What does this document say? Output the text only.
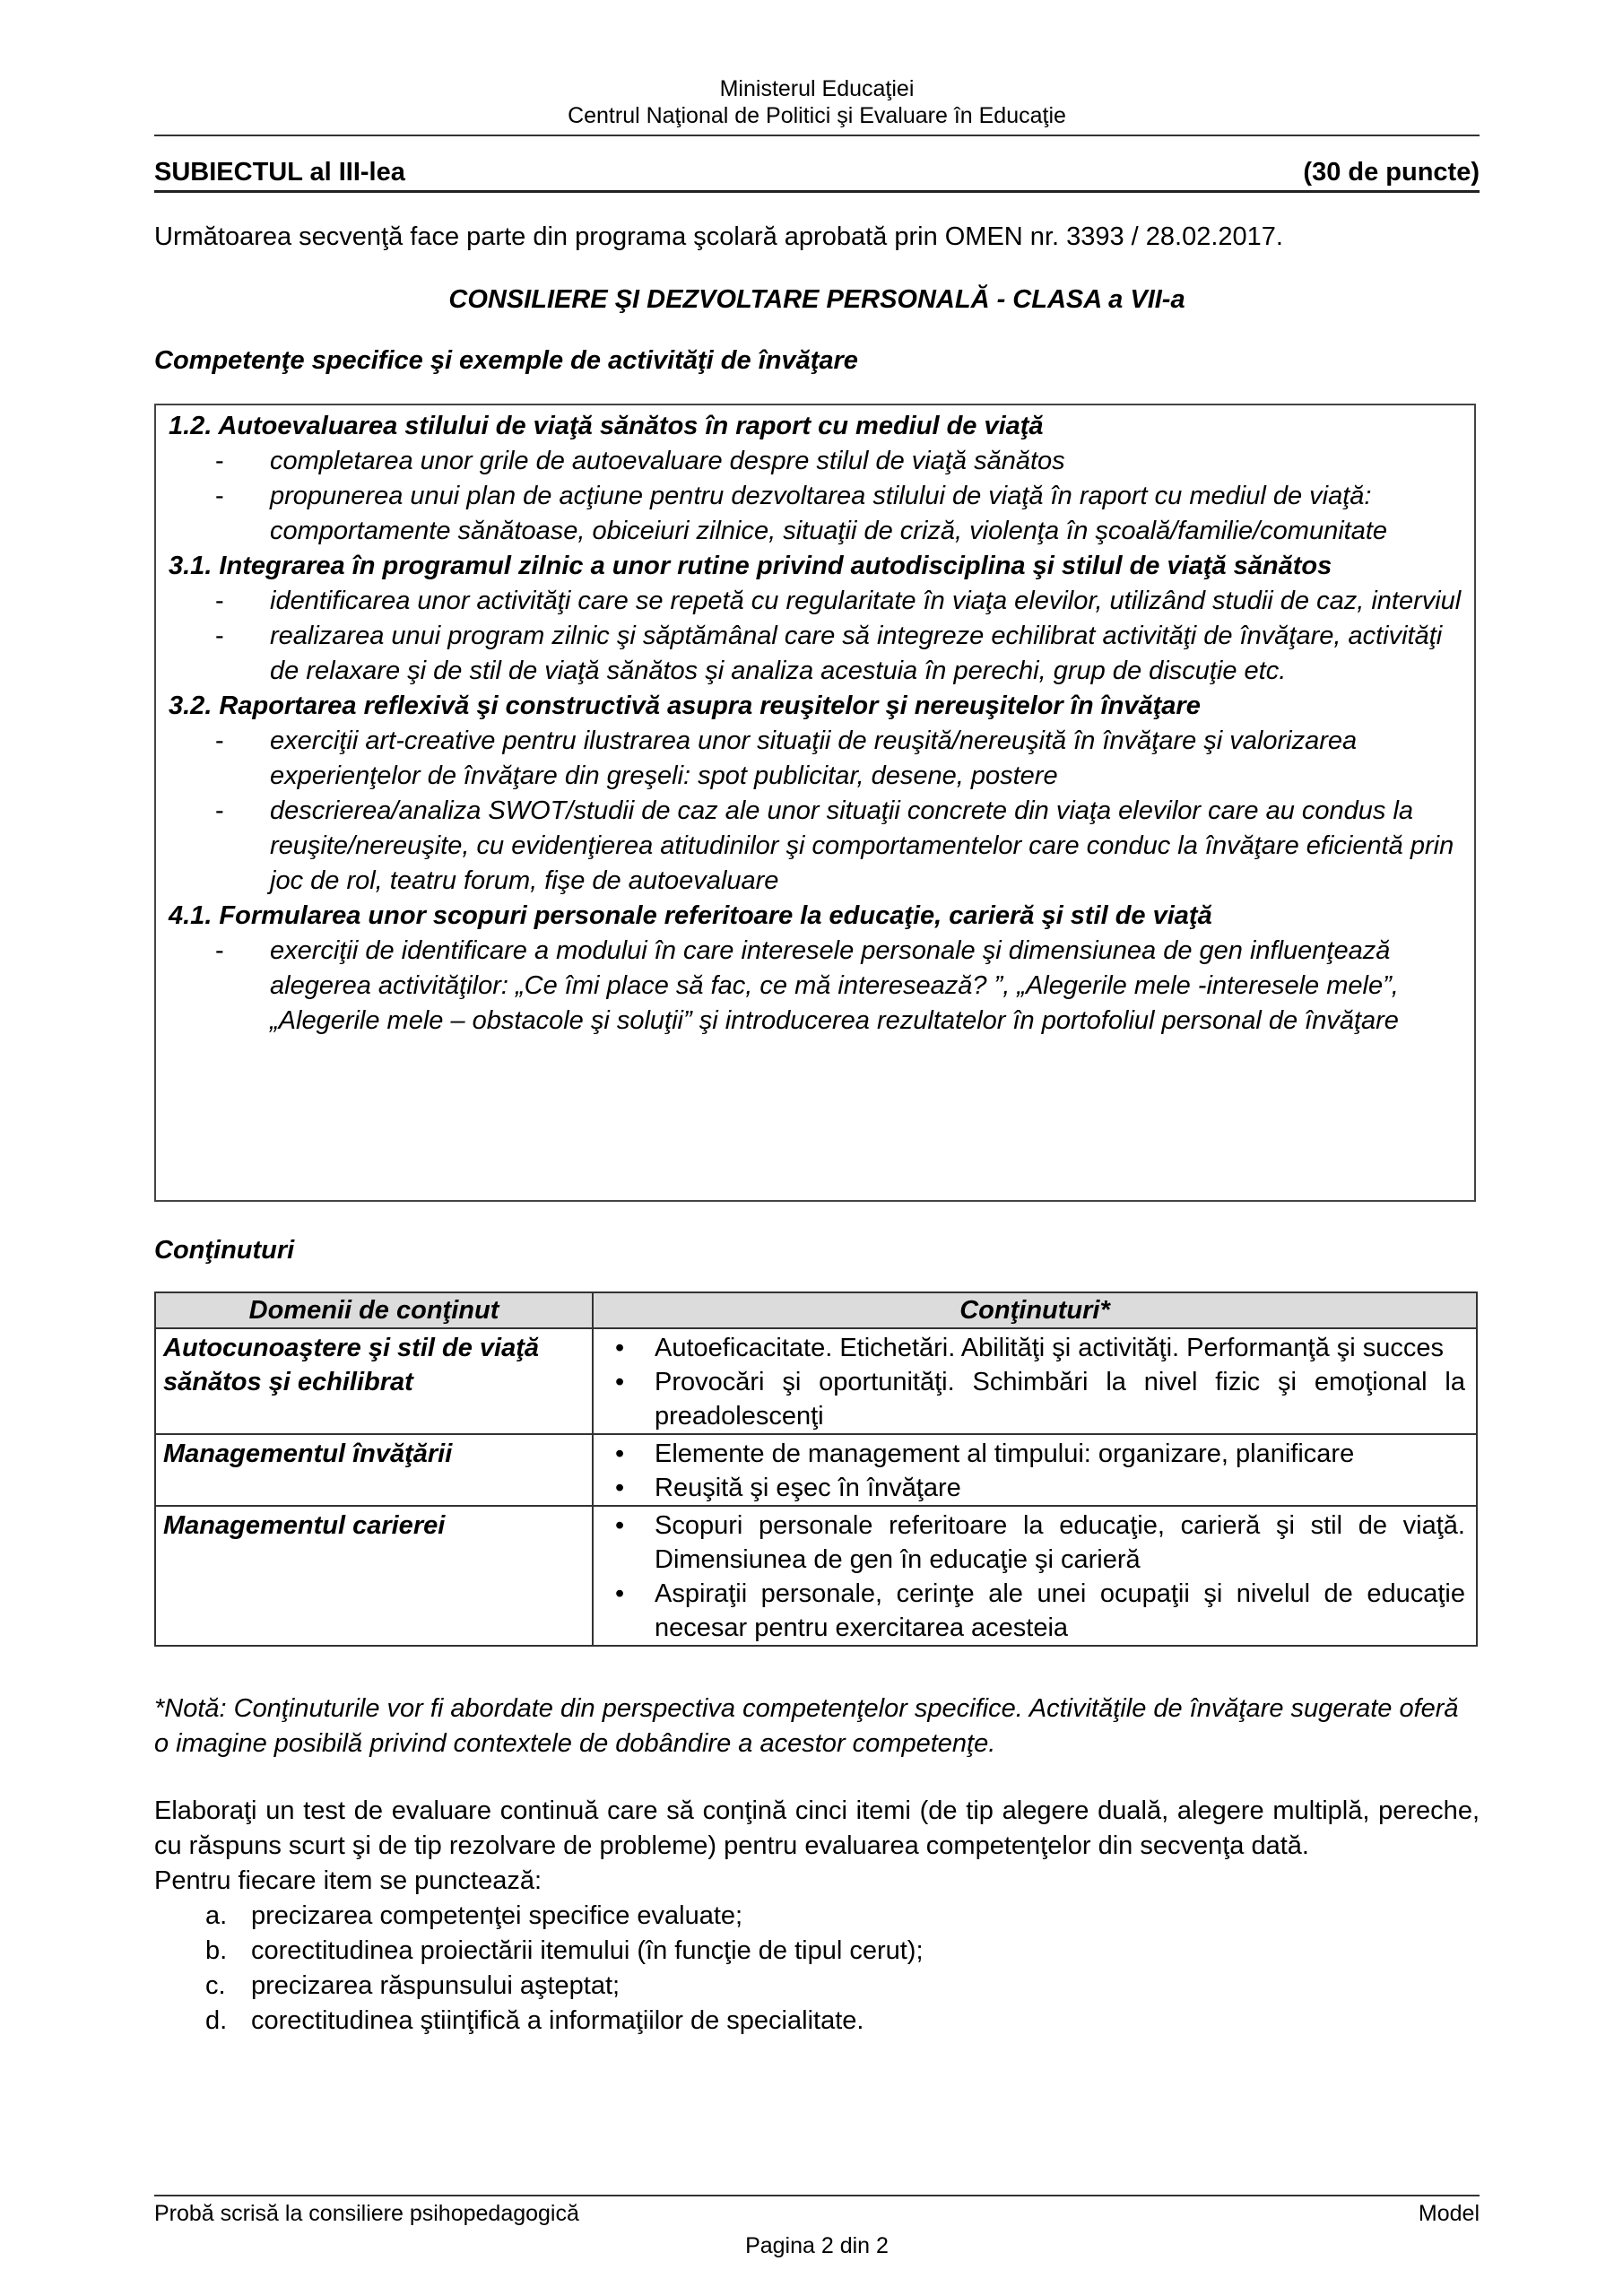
Ministerul Educaţiei
Centrul Naţional de Politici şi Evaluare în Educaţie
SUBIECTUL al III-lea	(30 de puncte)
Următoarea secvenţă face parte din programa şcolară aprobată prin OMEN nr. 3393 / 28.02.2017.
CONSILIERE ŞI DEZVOLTARE PERSONALĂ - CLASA a VII-a
Competenţe specifice şi exemple de activităţi de învăţare
1.2. Autoevaluarea stilului de viaţă sănătos în raport cu mediul de viaţă
- completarea unor grile de autoevaluare despre stilul de viaţă sănătos
- propunerea unui plan de acţiune pentru dezvoltarea stilului de viaţă în raport cu mediul de viaţă: comportamente sănătoase, obiceiuri zilnice, situaţii de criză, violenţa în şcoală/familie/comunitate
3.1. Integrarea în programul zilnic a unor rutine privind autodisciplina şi stilul de viaţă sănătos
- identificarea unor activităţi care se repetă cu regularitate în viaţa elevilor, utilizând studii de caz, interviul
- realizarea unui program zilnic şi săptămânal care să integreze echilibrat activităţi de învăţare, activităţi de relaxare şi de stil de viaţă sănătos şi analiza acestuia în perechi, grup de discuţie etc.
3.2. Raportarea reflexivă şi constructivă asupra reuşitelor şi nereuşitelor în învăţare
- exerciţii art-creative pentru ilustrarea unor situaţii de reuşită/nereuşită în învăţare şi valorizarea experienţelor de învăţare din greşeli: spot publicitar, desene, postere
- descrierea/analiza SWOT/studii de caz ale unor situaţii concrete din viaţa elevilor care au condus la reuşite/nereuşite, cu evidenţierea atitudinilor şi comportamentelor care conduc la învăţare eficientă prin joc de rol, teatru forum, fişe de autoevaluare
4.1. Formularea unor scopuri personale referitoare la educaţie, carieră şi stil de viaţă
- exerciţii de identificare a modului în care interesele personale şi dimensiunea de gen influenţează alegerea activităţilor: „Ce îmi place să fac, ce mă interesează? ”, „Alegerile mele -interesele mele”, „Alegerile mele – obstacole şi soluţii” şi introducerea rezultatelor în portofoliul personal de învăţare
Conţinuturi
Domenii de conţinut	Conţinuturi*
Autocunoaştere şi stil de viaţă sănătos şi echilibrat	• Autoeficacitate. Etichetări. Abilităţi şi activităţi. Performanţă şi succes
• Provocări şi oportunităţi. Schimbări la nivel fizic şi emoţional la preadolescenţi

Managementul învăţării	• Elemente de management al timpului: organizare, planificare
• Reuşită şi eşec în învăţare

Managementul carierei	• Scopuri personale referitoare la educaţie, carieră şi stil de viaţă. Dimensiunea de gen în educaţie şi carieră
• Aspiraţii personale, cerinţe ale unei ocupaţii şi nivelul de educaţie necesar pentru exercitarea acesteia
*Notă: Conţinuturile vor fi abordate din perspectiva competenţelor specifice. Activităţile de învăţare sugerate oferă o imagine posibilă privind contextele de dobândire a acestor competenţe.
Elaboraţi un test de evaluare continuă care să conţină cinci itemi (de tip alegere duală, alegere multiplă, pereche, cu răspuns scurt şi de tip rezolvare de probleme) pentru evaluarea competenţelor din secvenţa dată.
Pentru fiecare item se punctează:
a. precizarea competenţei specifice evaluate;
b. corectitudinea proiectării itemului (în funcţie de tipul cerut);
c. precizarea răspunsului aşteptat;
d. corectitudinea ştiinţifică a informaţiilor de specialitate.
Probă scrisă la consiliere psihopedagogică	Model
Pagina 2 din 2
